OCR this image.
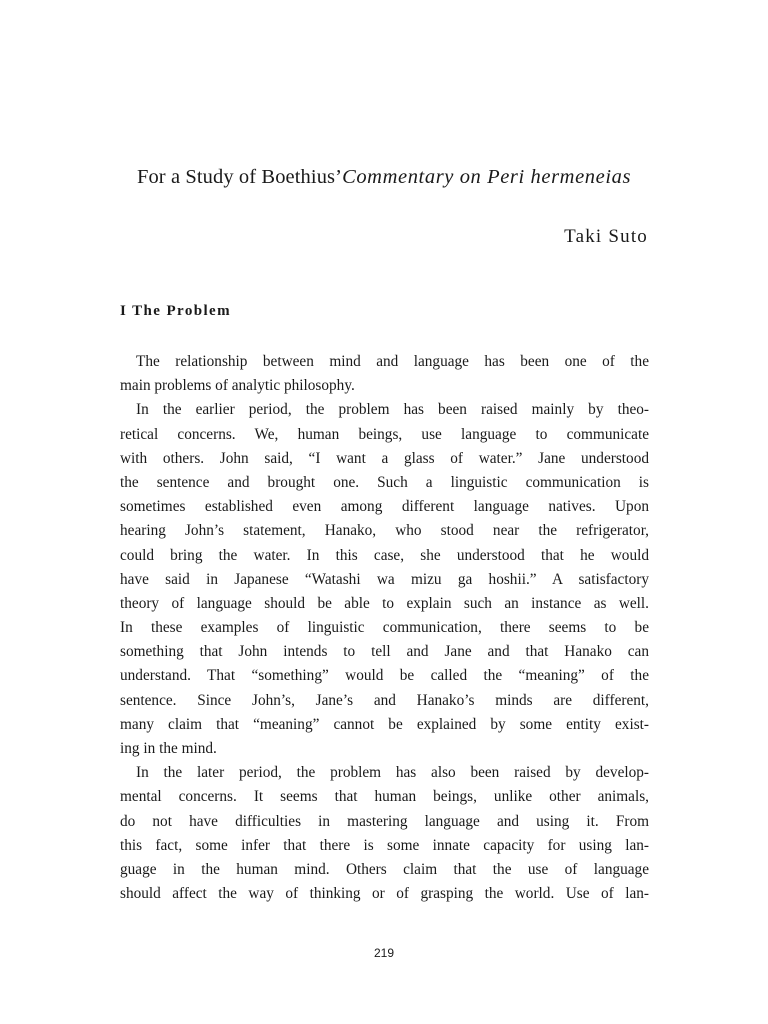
For a Study of Boethius’Commentary on Peri hermeneias
Taki Suto
I The Problem
The relationship between mind and language has been one of the
main problems of analytic philosophy.
In the earlier period, the problem has been raised mainly by theo-
retical concerns. We, human beings, use language to communicate
with others. John said, “I want a glass of water.” Jane understood
the sentence and brought one. Such a linguistic communication is
sometimes established even among different language natives. Upon
hearing John’s statement, Hanako, who stood near the refrigerator,
could bring the water. In this case, she understood that he would
have said in Japanese “Watashi wa mizu ga hoshii.” A satisfactory
theory of language should be able to explain such an instance as well.
In these examples of linguistic communication, there seems to be
something that John intends to tell and Jane and that Hanako can
understand. That “something” would be called the “meaning” of the
sentence. Since John’s, Jane’s and Hanako’s minds are different,
many claim that “meaning” cannot be explained by some entity exist-
ing in the mind.
In the later period, the problem has also been raised by develop-
mental concerns. It seems that human beings, unlike other animals,
do not have difficulties in mastering language and using it. From
this fact, some infer that there is some innate capacity for using lan-
guage in the human mind. Others claim that the use of language
should affect the way of thinking or of grasping the world. Use of lan-
219
